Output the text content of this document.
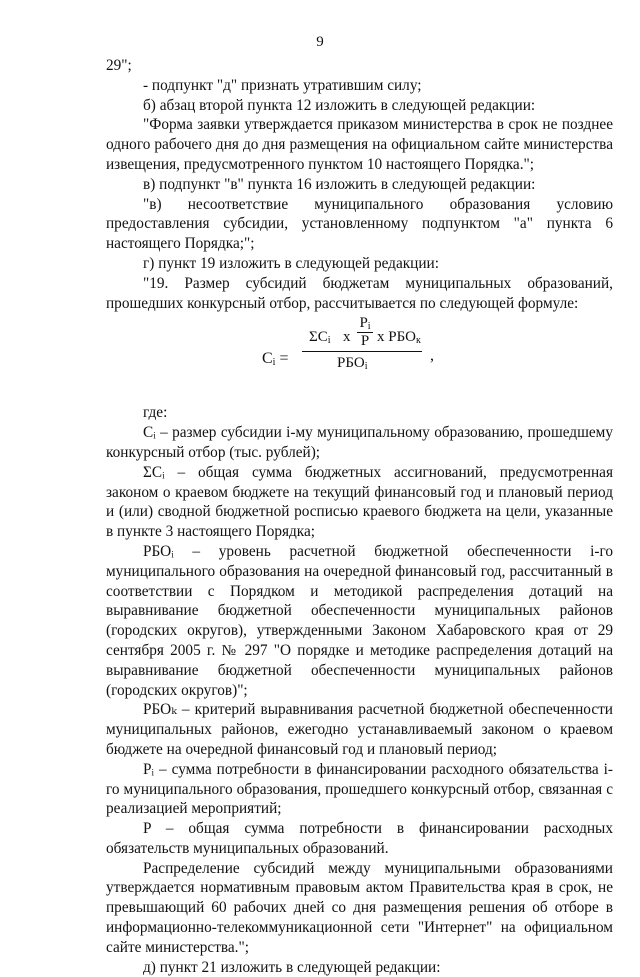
9

29";

- подпункт "д" признать утратившим силу;

б) абзац второй пункта 12 изложить в следующей редакции:

"Форма заявки утверждается приказом министерства в срок не позднее одного рабочего дня до дня размещения на официальном сайте министерства извещения, предусмотренного пунктом 10 настоящего Порядка.";

в) подпункт "в" пункта 16 изложить в следующей редакции:

"в) несоответствие муниципального образования условию предоставления субсидии, установленному подпунктом "а" пункта 6 настоящего Порядка;";

г) пункт 19 изложить в следующей редакции:

"19. Размер субсидий бюджетам муниципальных образований, прошедших конкурсный отбор, рассчитывается по следующей формуле:

$C_i$ =
$\Sigma C_i$ x
$P_i$
P x $РБО_к$
$РБО_i$
,

где:

Cᵢ – размер субсидии i-му муниципальному образованию, прошедшему конкурсный отбор (тыс. рублей);

ΣCᵢ – общая сумма бюджетных ассигнований, предусмотренная законом о краевом бюджете на текущий финансовый год и плановый период и (или) сводной бюджетной росписью краевого бюджета на цели, указанные в пункте 3 настоящего Порядка;

РБОᵢ – уровень расчетной бюджетной обеспеченности i-го муниципального образования на очередной финансовый год, рассчитанный в соответствии с Порядком и методикой распределения дотаций на выравнивание бюджетной обеспеченности муниципальных районов (городских округов), утвержденными Законом Хабаровского края от 29 сентября 2005 г. № 297 "О порядке и методике распределения дотаций на выравнивание бюджетной обеспеченности муниципальных районов (городских округов)";

РБОₖ – критерий выравнивания расчетной бюджетной обеспеченности муниципальных районов, ежегодно устанавливаемый законом о краевом бюджете на очередной финансовый год и плановый период;

Pᵢ – сумма потребности в финансировании расходного обязательства i-го муниципального образования, прошедшего конкурсный отбор, связанная с реализацией мероприятий;

P – общая сумма потребности в финансировании расходных обязательств муниципальных образований.

Распределение субсидий между муниципальными образованиями утверждается нормативным правовым актом Правительства края в срок, не превышающий 60 рабочих дней со дня размещения решения об отборе в информационно-телекоммуникационной сети "Интернет" на официальном сайте министерства.";

д) пункт 21 изложить в следующей редакции:
